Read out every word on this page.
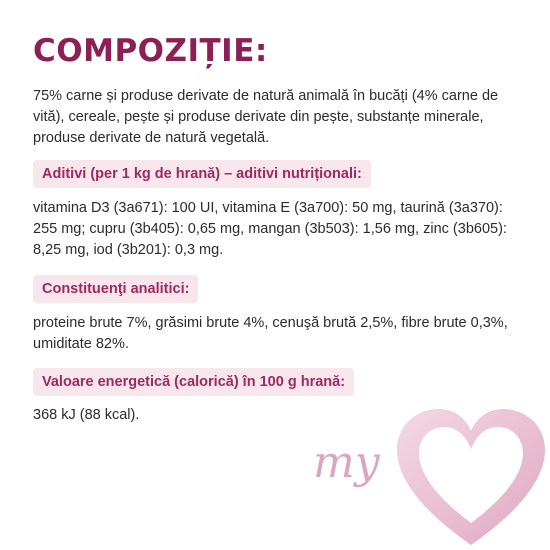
COMPOZIȚIE:

75% carne și produse derivate de natură animală în bucăți (4% carne de vită), cereale, pește și produse derivate din pește, substanțe minerale, produse derivate de natură vegetală.

Aditivi (per 1 kg de hrană) – aditivi nutriționali:

vitamina D3 (3a671): 100 UI, vitamina E (3a700): 50 mg, taurină (3a370): 255 mg; cupru (3b405): 0,65 mg, mangan (3b503): 1,56 mg, zinc (3b605): 8,25 mg, iod (3b201): 0,3 mg.

Constituenţi analitici:

proteine brute 7%, grăsimi brute 4%, cenuşă brută 2,5%, fibre brute 0,3%, umiditate 82%.

Valoare energetică (calorică) în 100 g hrană:

368 kJ (88 kcal).

my
